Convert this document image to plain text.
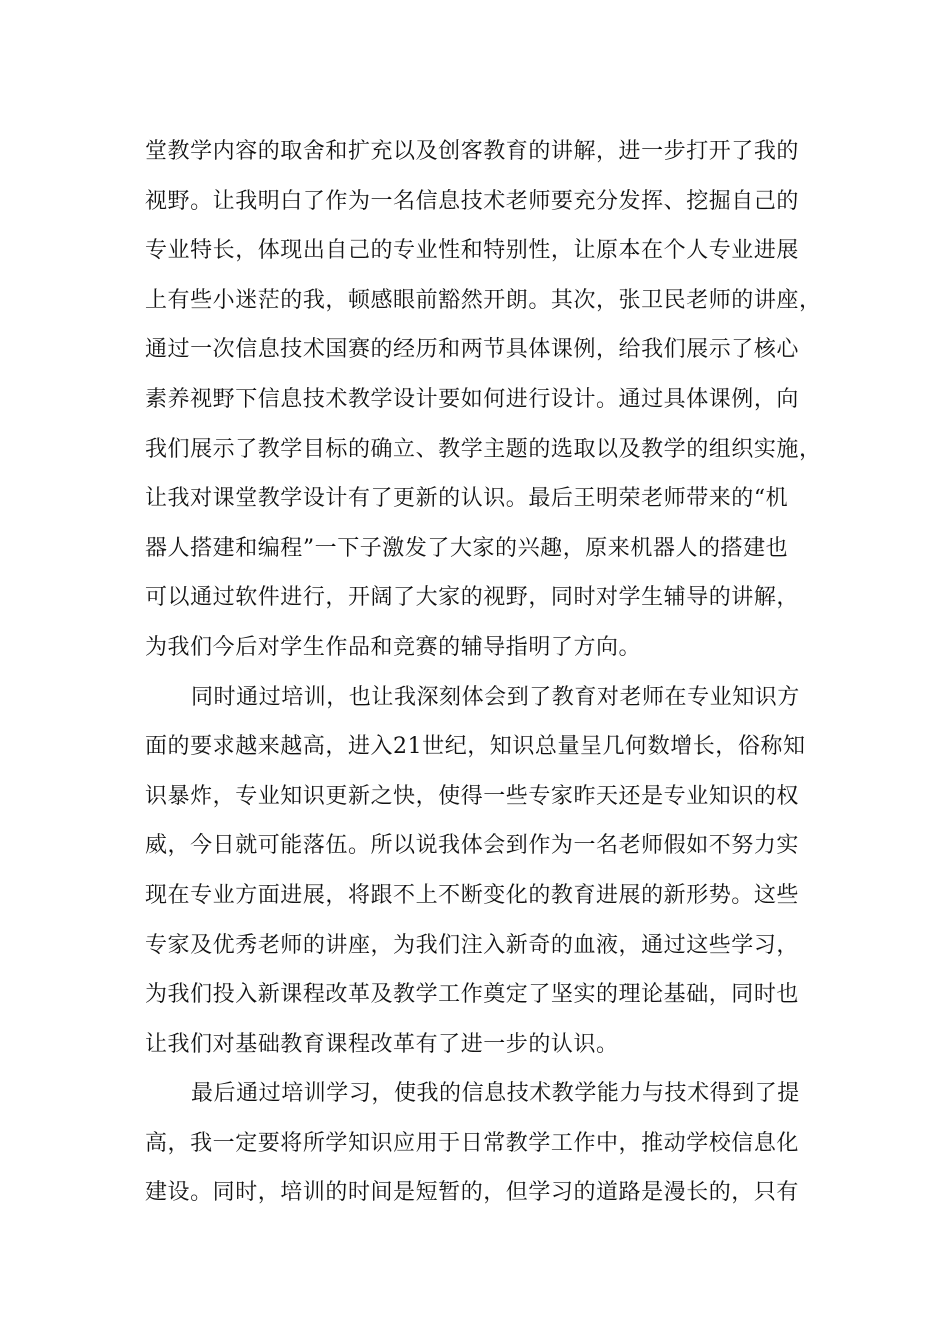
堂教学内容的取舍和扩充以及创客教育的讲解，进一步打开了我的
视野。让我明白了作为一名信息技术老师要充分发挥、挖掘自己的
专业特长，体现出自己的专业性和特别性，让原本在个人专业进展
上有些小迷茫的我，顿感眼前豁然开朗。其次，张卫民老师的讲座，
通过一次信息技术国赛的经历和两节具体课例，给我们展示了核心
素养视野下信息技术教学设计要如何进行设计。通过具体课例，向
我们展示了教学目标的确立、教学主题的选取以及教学的组织实施，
让我对课堂教学设计有了更新的认识。最后王明荣老师带来的“机
器人搭建和编程”一下子激发了大家的兴趣，原来机器人的搭建也
可以通过软件进行，开阔了大家的视野，同时对学生辅导的讲解，
为我们今后对学生作品和竞赛的辅导指明了方向。
同时通过培训，也让我深刻体会到了教育对老师在专业知识方
面的要求越来越高，进入21世纪，知识总量呈几何数增长，俗称知
识暴炸，专业知识更新之快，使得一些专家昨天还是专业知识的权
威，今日就可能落伍。所以说我体会到作为一名老师假如不努力实
现在专业方面进展，将跟不上不断变化的教育进展的新形势。这些
专家及优秀老师的讲座，为我们注入新奇的血液，通过这些学习，
为我们投入新课程改革及教学工作奠定了坚实的理论基础，同时也
让我们对基础教育课程改革有了进一步的认识。
最后通过培训学习，使我的信息技术教学能力与技术得到了提
高，我一定要将所学知识应用于日常教学工作中，推动学校信息化
建设。同时，培训的时间是短暂的，但学习的道路是漫长的，只有
